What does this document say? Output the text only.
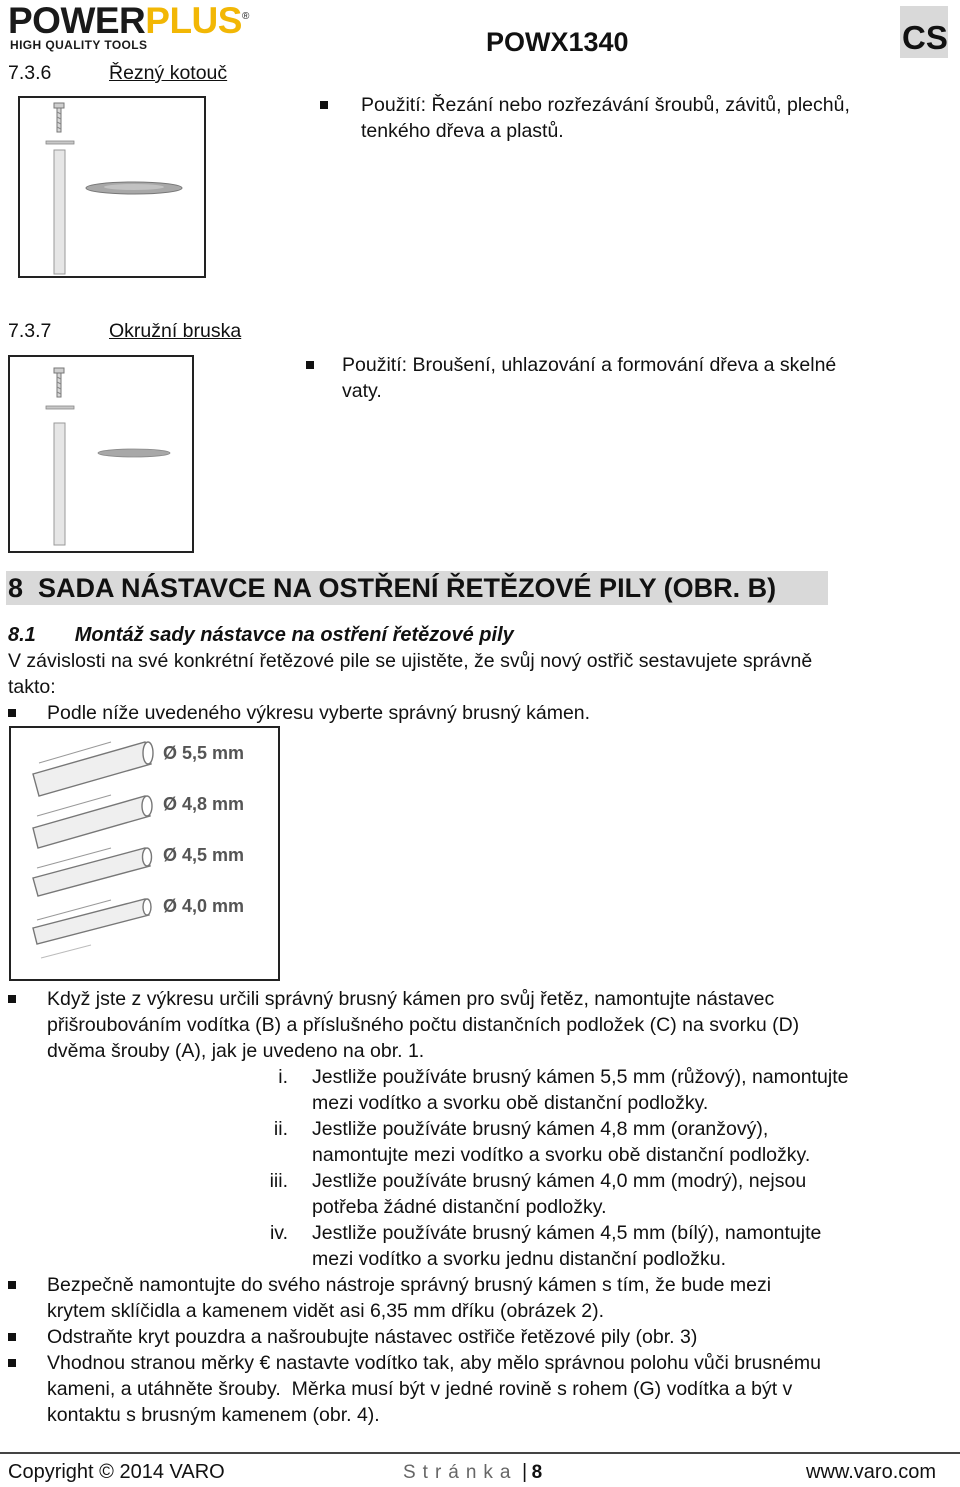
POWERPLUS®
HIGH QUALITY TOOLS	POWX1340	CS
7.3.6	Řezný kotouč
Použití: Řezání nebo rozřezávání šroubů, závitů, plechů,
tenkého dřeva a plastů.
7.3.7	Okružní bruska
Použití: Broušení, uhlazování a formování dřeva a skelné
vaty.
8  SADA NÁSTAVCE NA OSTŘENÍ ŘETĚZOVÉ PILY (OBR. B)
8.1       Montáž sady nástavce na ostření řetězové pily
V závislosti na své konkrétní řetězové pile se ujistěte, že svůj nový ostřič sestavujete správně
takto:
Podle níže uvedeného výkresu vyberte správný brusný kámen.
Ø 5,5 mm
Ø 4,8 mm
Ø 4,5 mm
Ø 4,0 mm
Když jste z výkresu určili správný brusný kámen pro svůj řetěz, namontujte nástavec
přišroubováním vodítka (B) a příslušného počtu distančních podložek (C) na svorku (D)
dvěma šrouby (A), jak je uvedeno na obr. 1.
i. Jestliže používáte brusný kámen 5,5 mm (růžový), namontujte
mezi vodítko a svorku obě distanční podložky.
ii. Jestliže používáte brusný kámen 4,8 mm (oranžový),
namontujte mezi vodítko a svorku obě distanční podložky.
iii. Jestliže používáte brusný kámen 4,0 mm (modrý), nejsou
potřeba žádné distanční podložky.
iv. Jestliže používáte brusný kámen 4,5 mm (bílý), namontujte
mezi vodítko a svorku jednu distanční podložku.
Bezpečně namontujte do svého nástroje správný brusný kámen s tím, že bude mezi
krytem sklíčidla a kamenem vidět asi 6,35 mm dříku (obrázek 2).
Odstraňte kryt pouzdra a našroubujte nástavec ostřiče řetězové pily (obr. 3)
Vhodnou stranou měrky € nastavte vodítko tak, aby mělo správnou polohu vůči brusnému
kameni, a utáhněte šrouby.  Měrka musí být v jedné rovině s rohem (G) vodítka a být v
kontaktu s brusným kamenem (obr. 4).
Copyright © 2014 VARO	Stránka | 8	www.varo.com
